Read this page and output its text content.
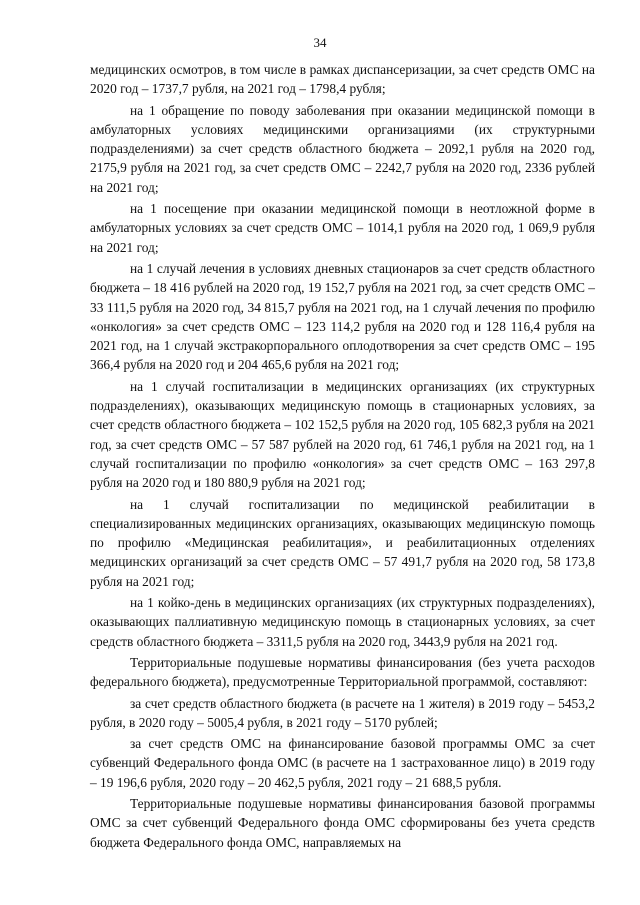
34

медицинских осмотров, в том числе в рамках диспансеризации, за счет средств ОМС на 2020 год – 1737,7 рубля, на 2021 год – 1798,4 рубля;

на 1 обращение по поводу заболевания при оказании медицинской помощи в амбулаторных условиях медицинскими организациями (их структурными подразделениями) за счет средств областного бюджета – 2092,1 рубля на 2020 год, 2175,9 рубля на 2021 год, за счет средств ОМС – 2242,7 рубля на 2020 год, 2336 рублей на 2021 год;

на 1 посещение при оказании медицинской помощи в неотложной форме в амбулаторных условиях за счет средств ОМС – 1014,1 рубля на 2020 год, 1 069,9 рубля на 2021 год;

на 1 случай лечения в условиях дневных стационаров за счет средств областного бюджета – 18 416 рублей на 2020 год, 19 152,7 рубля на 2021 год, за счет средств ОМС – 33 111,5 рубля на 2020 год, 34 815,7 рубля на 2021 год, на 1 случай лечения по профилю «онкология» за счет средств ОМС – 123 114,2 рубля на 2020 год и 128 116,4 рубля на 2021 год, на 1 случай экстракорпорального оплодотворения за счет средств ОМС – 195 366,4 рубля на 2020 год и 204 465,6 рубля на 2021 год;

на 1 случай госпитализации в медицинских организациях (их структурных подразделениях), оказывающих медицинскую помощь в стационарных условиях, за счет средств областного бюджета – 102 152,5 рубля на 2020 год, 105 682,3 рубля на 2021 год, за счет средств ОМС – 57 587 рублей на 2020 год, 61 746,1 рубля на 2021 год, на 1 случай госпитализации по профилю «онкология» за счет средств ОМС – 163 297,8 рубля на 2020 год и 180 880,9 рубля на 2021 год;

на 1 случай госпитализации по медицинской реабилитации в специализированных медицинских организациях, оказывающих медицинскую помощь по профилю «Медицинская реабилитация», и реабилитационных отделениях медицинских организаций за счет средств ОМС – 57 491,7 рубля на 2020 год, 58 173,8 рубля на 2021 год;

на 1 койко-день в медицинских организациях (их структурных подразделениях), оказывающих паллиативную медицинскую помощь в стационарных условиях, за счет средств областного бюджета – 3311,5 рубля на 2020 год, 3443,9 рубля на 2021 год.

Территориальные подушевые нормативы финансирования (без учета расходов федерального бюджета), предусмотренные Территориальной программой, составляют:

за счет средств областного бюджета (в расчете на 1 жителя) в 2019 году – 5453,2 рубля, в 2020 году – 5005,4 рубля, в 2021 году – 5170 рублей;

за счет средств ОМС на финансирование базовой программы ОМС за счет субвенций Федерального фонда ОМС (в расчете на 1 застрахованное лицо) в 2019 году – 19 196,6 рубля, 2020 году – 20 462,5 рубля, 2021 году – 21 688,5 рубля.

Территориальные подушевые нормативы финансирования базовой программы ОМС за счет субвенций Федерального фонда ОМС сформированы без учета средств бюджета Федерального фонда ОМС, направляемых на
